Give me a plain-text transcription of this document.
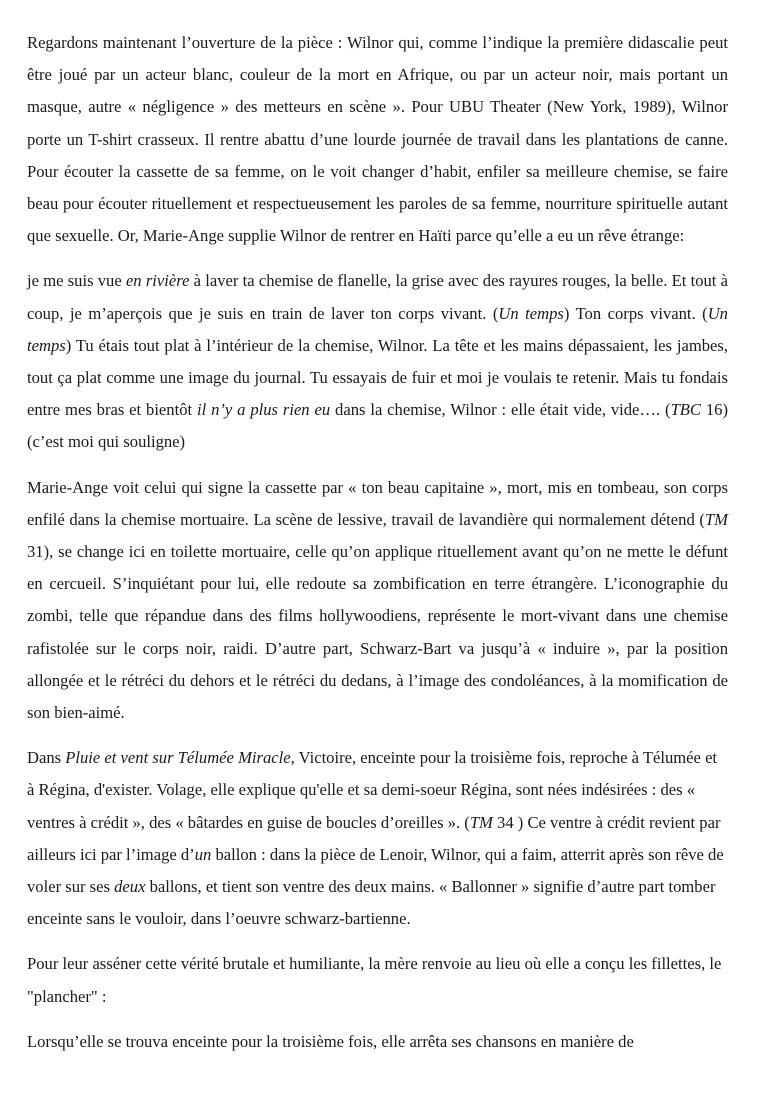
Regardons maintenant l’ouverture de la pièce : Wilnor qui, comme l’indique la première didascalie peut être joué par un acteur blanc, couleur de la mort en Afrique, ou par un acteur noir, mais portant un masque, autre « négligence » des metteurs en scène ». Pour UBU Theater (New York, 1989), Wilnor porte un T-shirt crasseux. Il rentre abattu d’une lourde journée de travail dans les plantations de canne. Pour écouter la cassette de sa femme, on le voit changer d’habit, enfiler sa meilleure chemise, se faire beau pour écouter rituellement et respectueusement les paroles de sa femme, nourriture spirituelle autant que sexuelle. Or, Marie-Ange supplie Wilnor de rentrer en Haïti parce qu’elle a eu un rêve étrange:

je me suis vue en rivière à laver ta chemise de flanelle, la grise avec des rayures rouges, la belle. Et tout à coup, je m’aperçois que je suis en train de laver ton corps vivant. (Un temps) Ton corps vivant. (Un temps) Tu étais tout plat à l’intérieur de la chemise, Wilnor. La tête et les mains dépassaient, les jambes, tout ça plat comme une image du journal. Tu essayais de fuir et moi je voulais te retenir. Mais tu fondais entre mes bras et bientôt il n’y a plus rien eu dans la chemise, Wilnor : elle était vide, vide…. (TBC 16) (c’est moi qui souligne)

Marie-Ange voit celui qui signe la cassette par « ton beau capitaine », mort, mis en tombeau, son corps enfilé dans la chemise mortuaire. La scène de lessive, travail de lavandière qui normalement détend (TM 31), se change ici en toilette mortuaire, celle qu’on applique rituellement avant qu’on ne mette le défunt en cercueil. S’inquiétant pour lui, elle redoute sa zombification en terre étrangère. L’iconographie du zombi, telle que répandue dans des films hollywoodiens, représente le mort-vivant dans une chemise rafistolée sur le corps noir, raidi. D’autre part, Schwarz-Bart va jusqu’à « induire », par la position allongée et le rétréci du dehors et le rétréci du dedans, à l’image des condoléances, à la momification de son bien-aimé.

Dans Pluie et vent sur Télumée Miracle, Victoire, enceinte pour la troisième fois, reproche à Télumée et à Régina, d'exister. Volage, elle explique qu'elle et sa demi-soeur Régina, sont nées indésirées : des « ventres à crédit », des « bâtardes en guise de boucles d’oreilles ». (TM 34 ) Ce ventre à crédit revient par ailleurs ici par l’image d’un ballon : dans la pièce de Lenoir, Wilnor, qui a faim, atterrit après son rêve de voler sur ses deux ballons, et tient son ventre des deux mains. « Ballonner » signifie d’autre part tomber enceinte sans le vouloir, dans l’oeuvre schwarz-bartienne.

Pour leur asséner cette vérité brutale et humiliante, la mère renvoie au lieu où elle a conçu les fillettes, le "plancher" :

Lorsqu’elle se trouva enceinte pour la troisième fois, elle arrêta ses chansons en manière de
